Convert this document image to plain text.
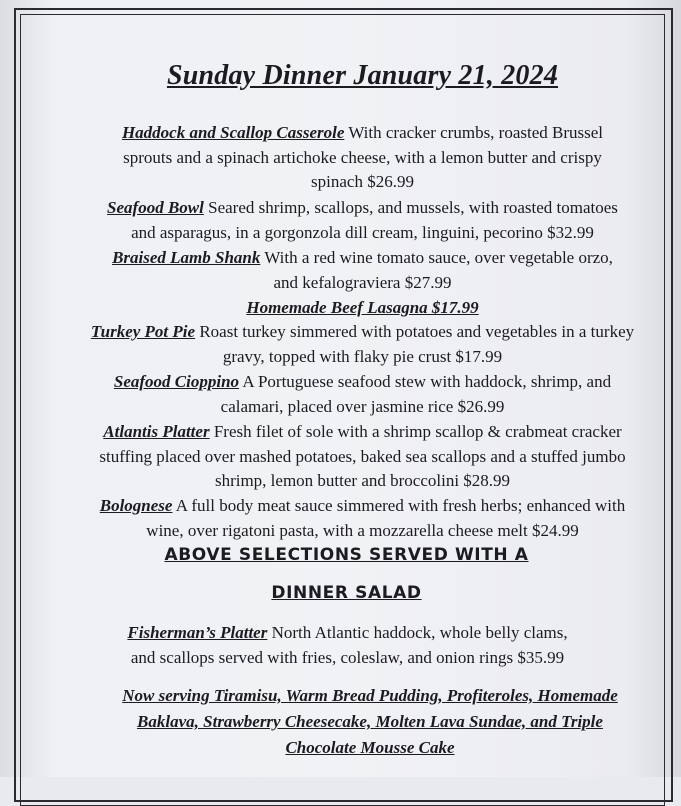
Sunday Dinner January 21, 2024
Haddock and Scallop Casserole With cracker crumbs, roasted Brussel
sprouts and a spinach artichoke cheese, with a lemon butter and crispy
spinach $26.99
Seafood Bowl Seared shrimp, scallops, and mussels, with roasted tomatoes
and asparagus, in a gorgonzola dill cream, linguini, pecorino $32.99
Braised Lamb Shank With a red wine tomato sauce, over vegetable orzo,
and kefalograviera $27.99
Homemade Beef Lasagna $17.99
Turkey Pot Pie Roast turkey simmered with potatoes and vegetables in a turkey
gravy, topped with flaky pie crust $17.99
Seafood Cioppino A Portuguese seafood stew with haddock, shrimp, and
calamari, placed over jasmine rice $26.99
Atlantis Platter Fresh filet of sole with a shrimp scallop & crabmeat cracker
stuffing placed over mashed potatoes, baked sea scallops and a stuffed jumbo
shrimp, lemon butter and broccolini $28.99
Bolognese A full body meat sauce simmered with fresh herbs; enhanced with
wine, over rigatoni pasta, with a mozzarella cheese melt $24.99
ABOVE SELECTIONS SERVED WITH A
DINNER SALAD
Fisherman’s Platter North Atlantic haddock, whole belly clams,
and scallops served with fries, coleslaw, and onion rings $35.99
Now serving Tiramisu, Warm Bread Pudding, Profiteroles, Homemade
Baklava, Strawberry Cheesecake, Molten Lava Sundae, and Triple
Chocolate Mousse Cake
